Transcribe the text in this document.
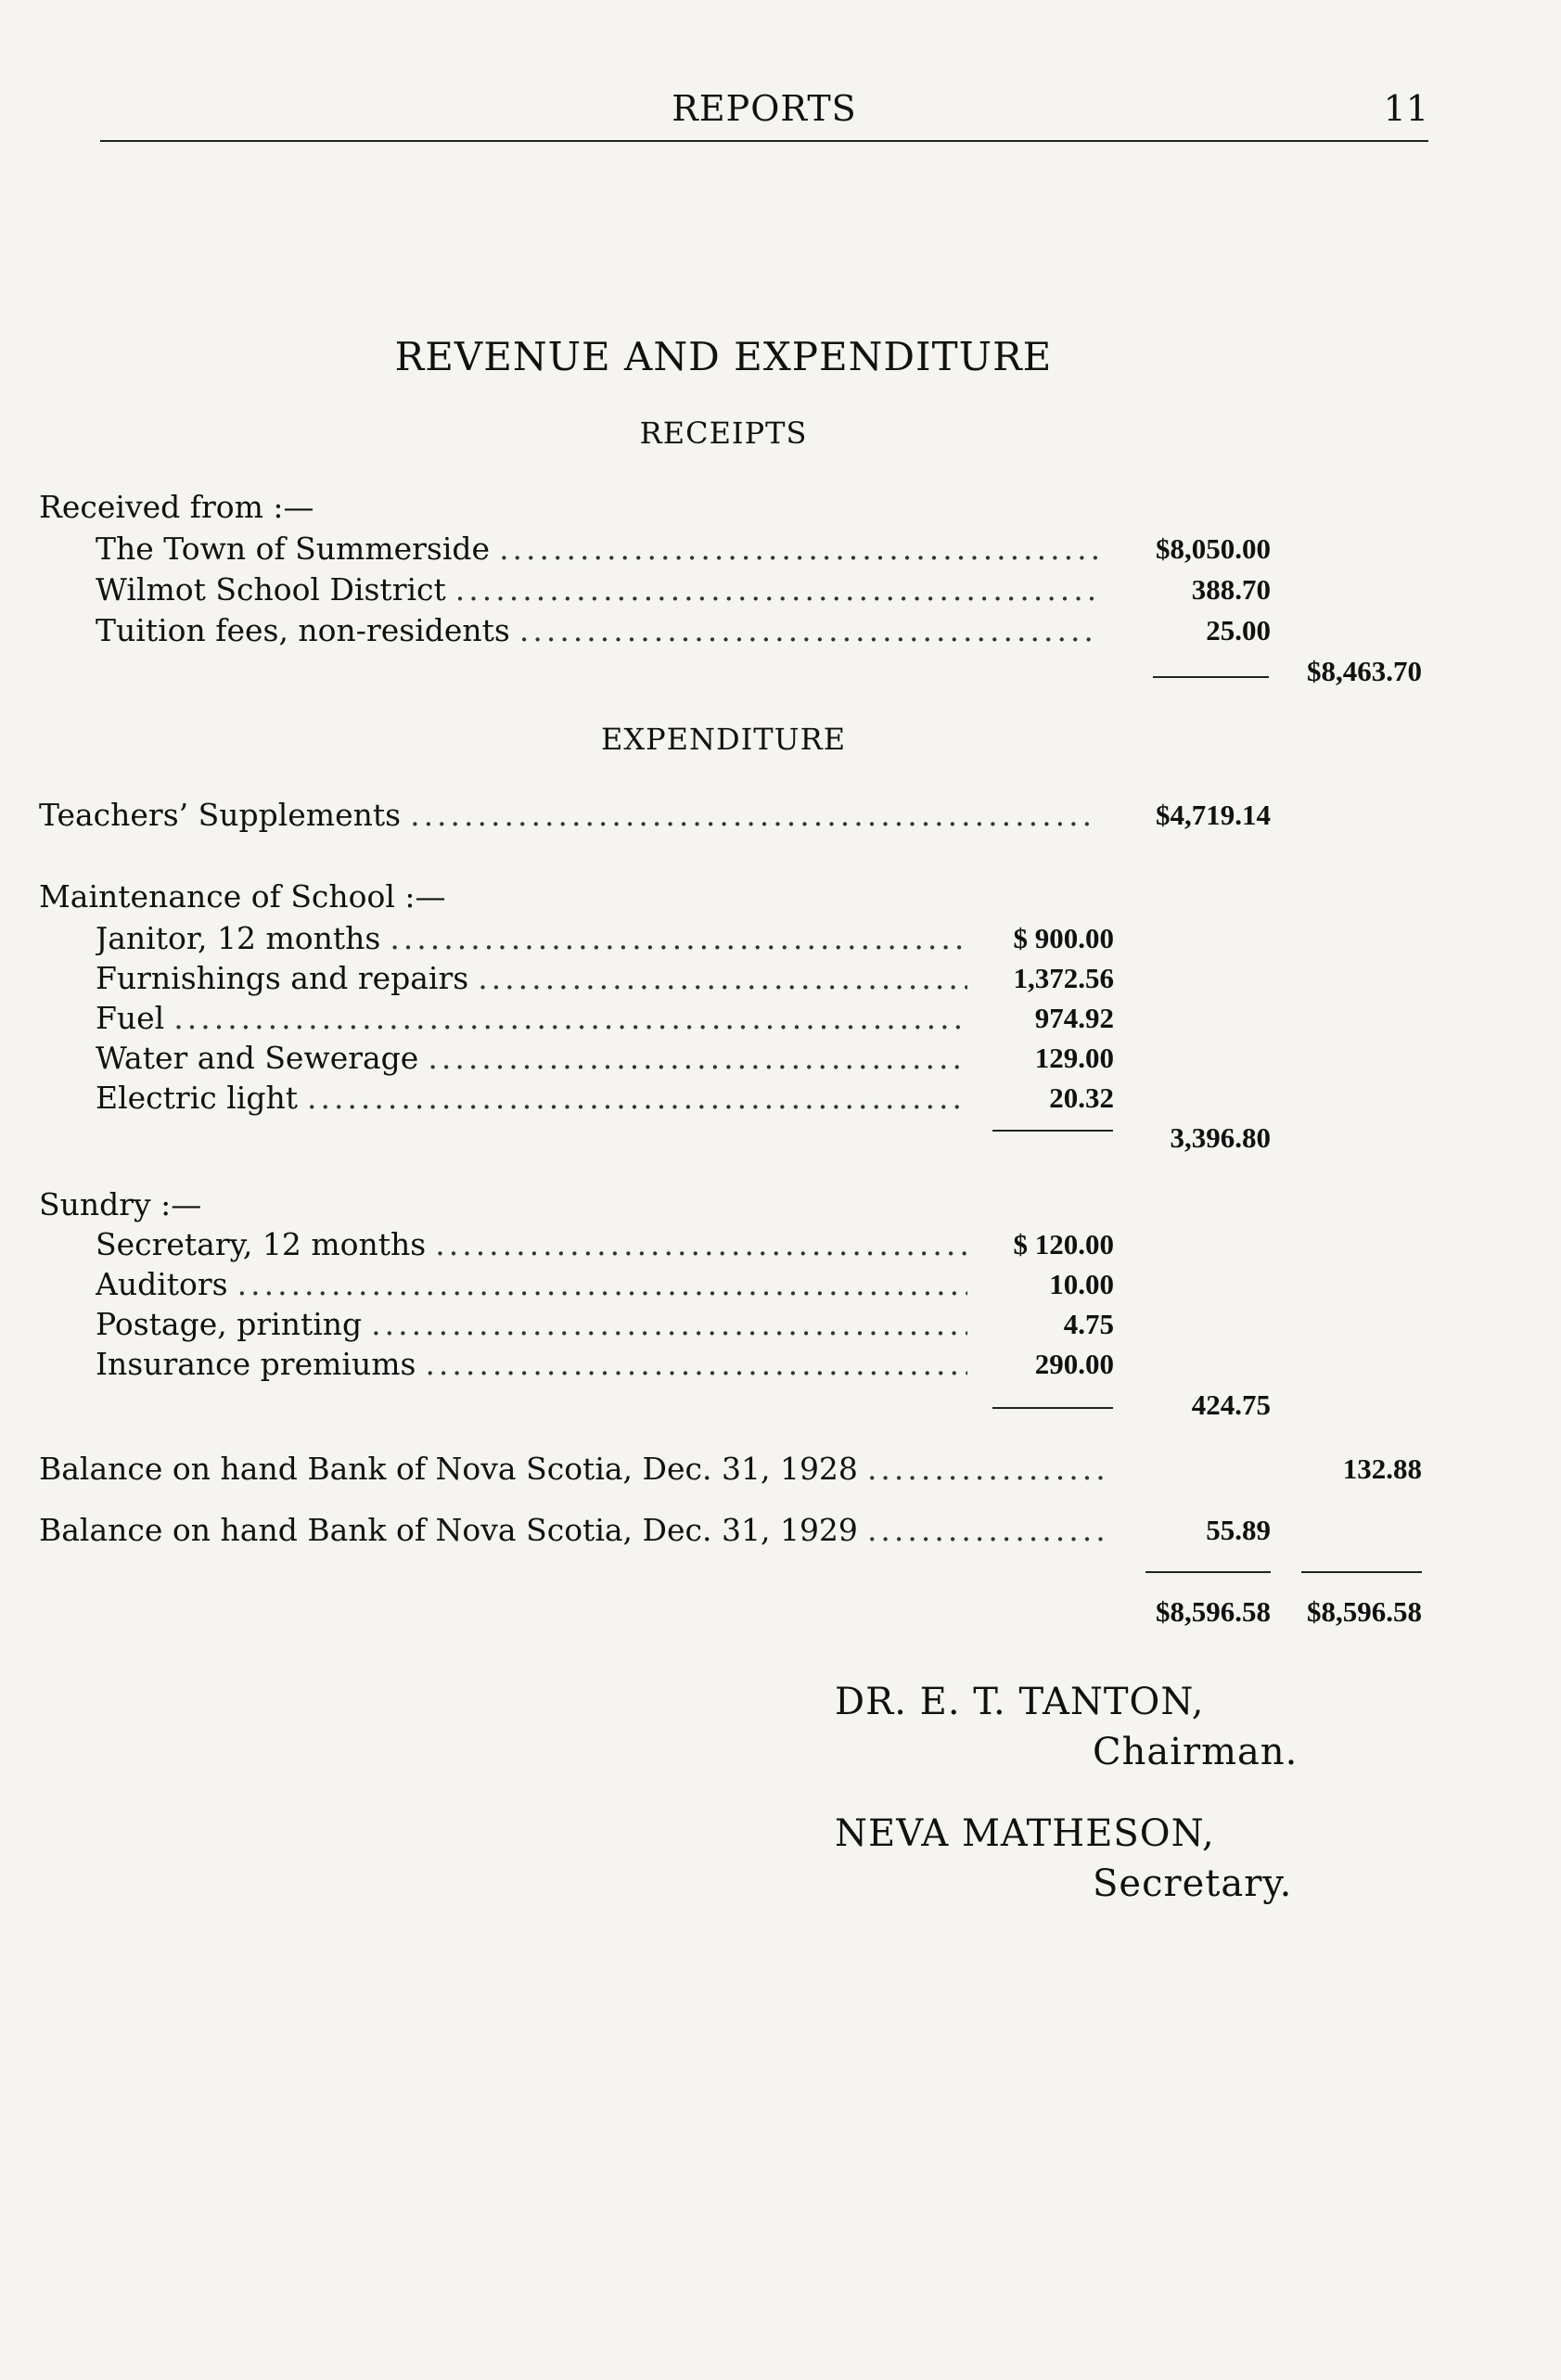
REPORTS	11
REVENUE AND EXPENDITURE
RECEIPTS
Received from :—
The Town of Summerside .....	$8,050.00
Wilmot School District .....	388.70
Tuition fees, non-residents .....	25.00
$8,463.70
EXPENDITURE
Teachers’ Supplements .....	$4,719.14
Maintenance of School :—
Janitor, 12 months .....	$ 900.00
Furnishings and repairs .....	1,372.56
Fuel .....	974.92
Water and Sewerage .....	129.00
Electric light .....	20.32
3,396.80
Sundry :—
Secretary, 12 months .....	$ 120.00
Auditors .....	10.00
Postage, printing .....	4.75
Insurance premiums .....	290.00
424.75
Balance on hand Bank of Nova Scotia, Dec. 31, 1928 .....	132.88
Balance on hand Bank of Nova Scotia, Dec. 31, 1929 .....	55.89
$8,596.58 $8,596.58
DR. E. T. TANTON,
Chairman.
NEVA MATHESON,
Secretary.
